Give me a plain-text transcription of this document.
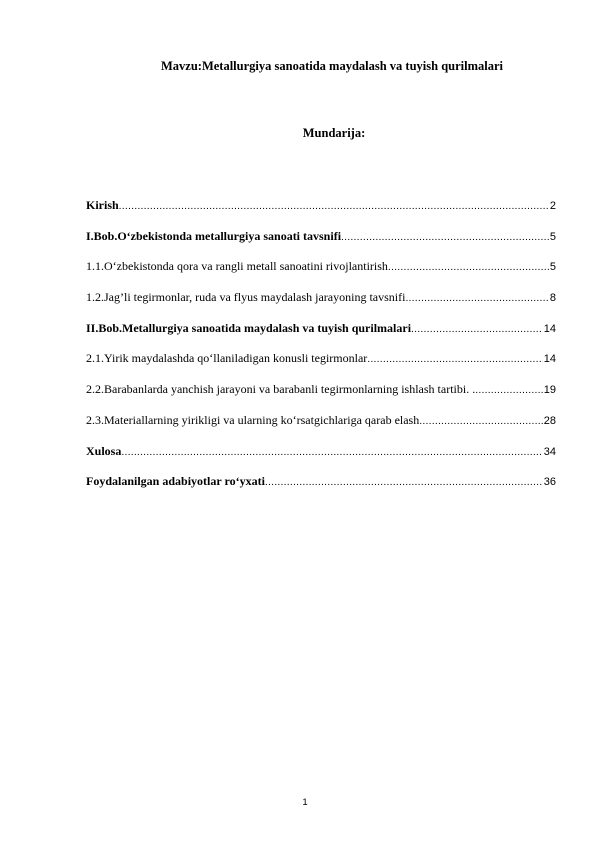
Mavzu:Metallurgiya sanoatida maydalash va tuyish qurilmalari
Mundarija:
Kirish .....	2
I.Bob.O‘zbekistonda metallurgiya sanoati tavsnifi .....	5
1.1.O‘zbekistonda qora va rangli metall sanoatini rivojlantirish .....	5
1.2.Jag’li tegirmonlar, ruda va flyus maydalash jarayoning tavsnifi .....	8
II.Bob.Metallurgiya sanoatida maydalash va tuyish qurilmalari .....	14
2.1.Yirik maydalashda qo‘llaniladigan konusli tegirmonlar .....	14
2.2.Barabanlarda yanchish jarayoni va barabanli tegirmonlarning ishlash tartibi. . .....	19
2.3.Materiallarning yirikligi va ularning ko‘rsatgichlariga qarab elash .....	28
Xulosa .....	34
Foydalanilgan adabiyotlar ro‘yxati .....	36
1
